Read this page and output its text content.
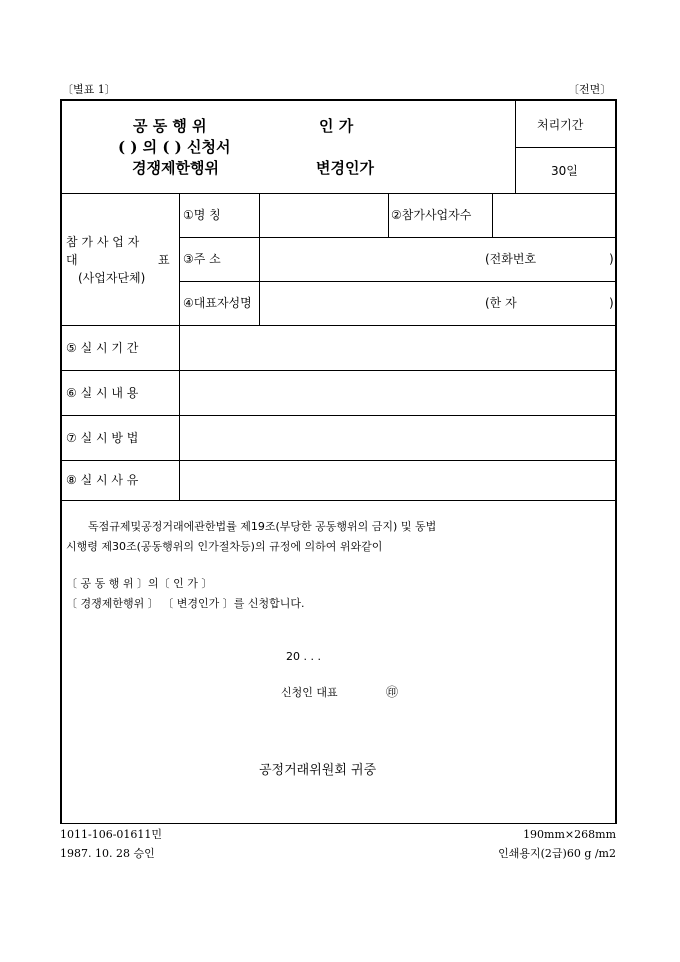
〔별표 1〕	〔전면〕
공 동 행 위	인 가
( ) 의 ( ) 신청서
경쟁제한행위	변경인가
처리기간
30일
참 가 사 업 자
대	표
(사업자단체)
①명 칭	②참가사업자수
③주 소	(전화번호	)
④대표자성명	(한 자	)
⑤ 실 시 기 간
⑥ 실 시 내 용
⑦ 실 시 방 법
⑧ 실 시 사 유
독점규제및공정거래에관한법률 제19조(부당한 공동행위의 금지) 및 동법
시행령 제30조(공동행위의 인가절차등)의 규정에 의하여 위와같이
〔 공 동 행 위 〕의〔 인 가 〕
〔 경쟁제한행위 〕 〔 변경인가 〕를 신청합니다.
20 . . .
신청인 대표	㊞
공정거래위원회 귀중
1011-106-01611민
1987. 10. 28 승인
190mm×268mm
인쇄용지(2급)60 g /m2
